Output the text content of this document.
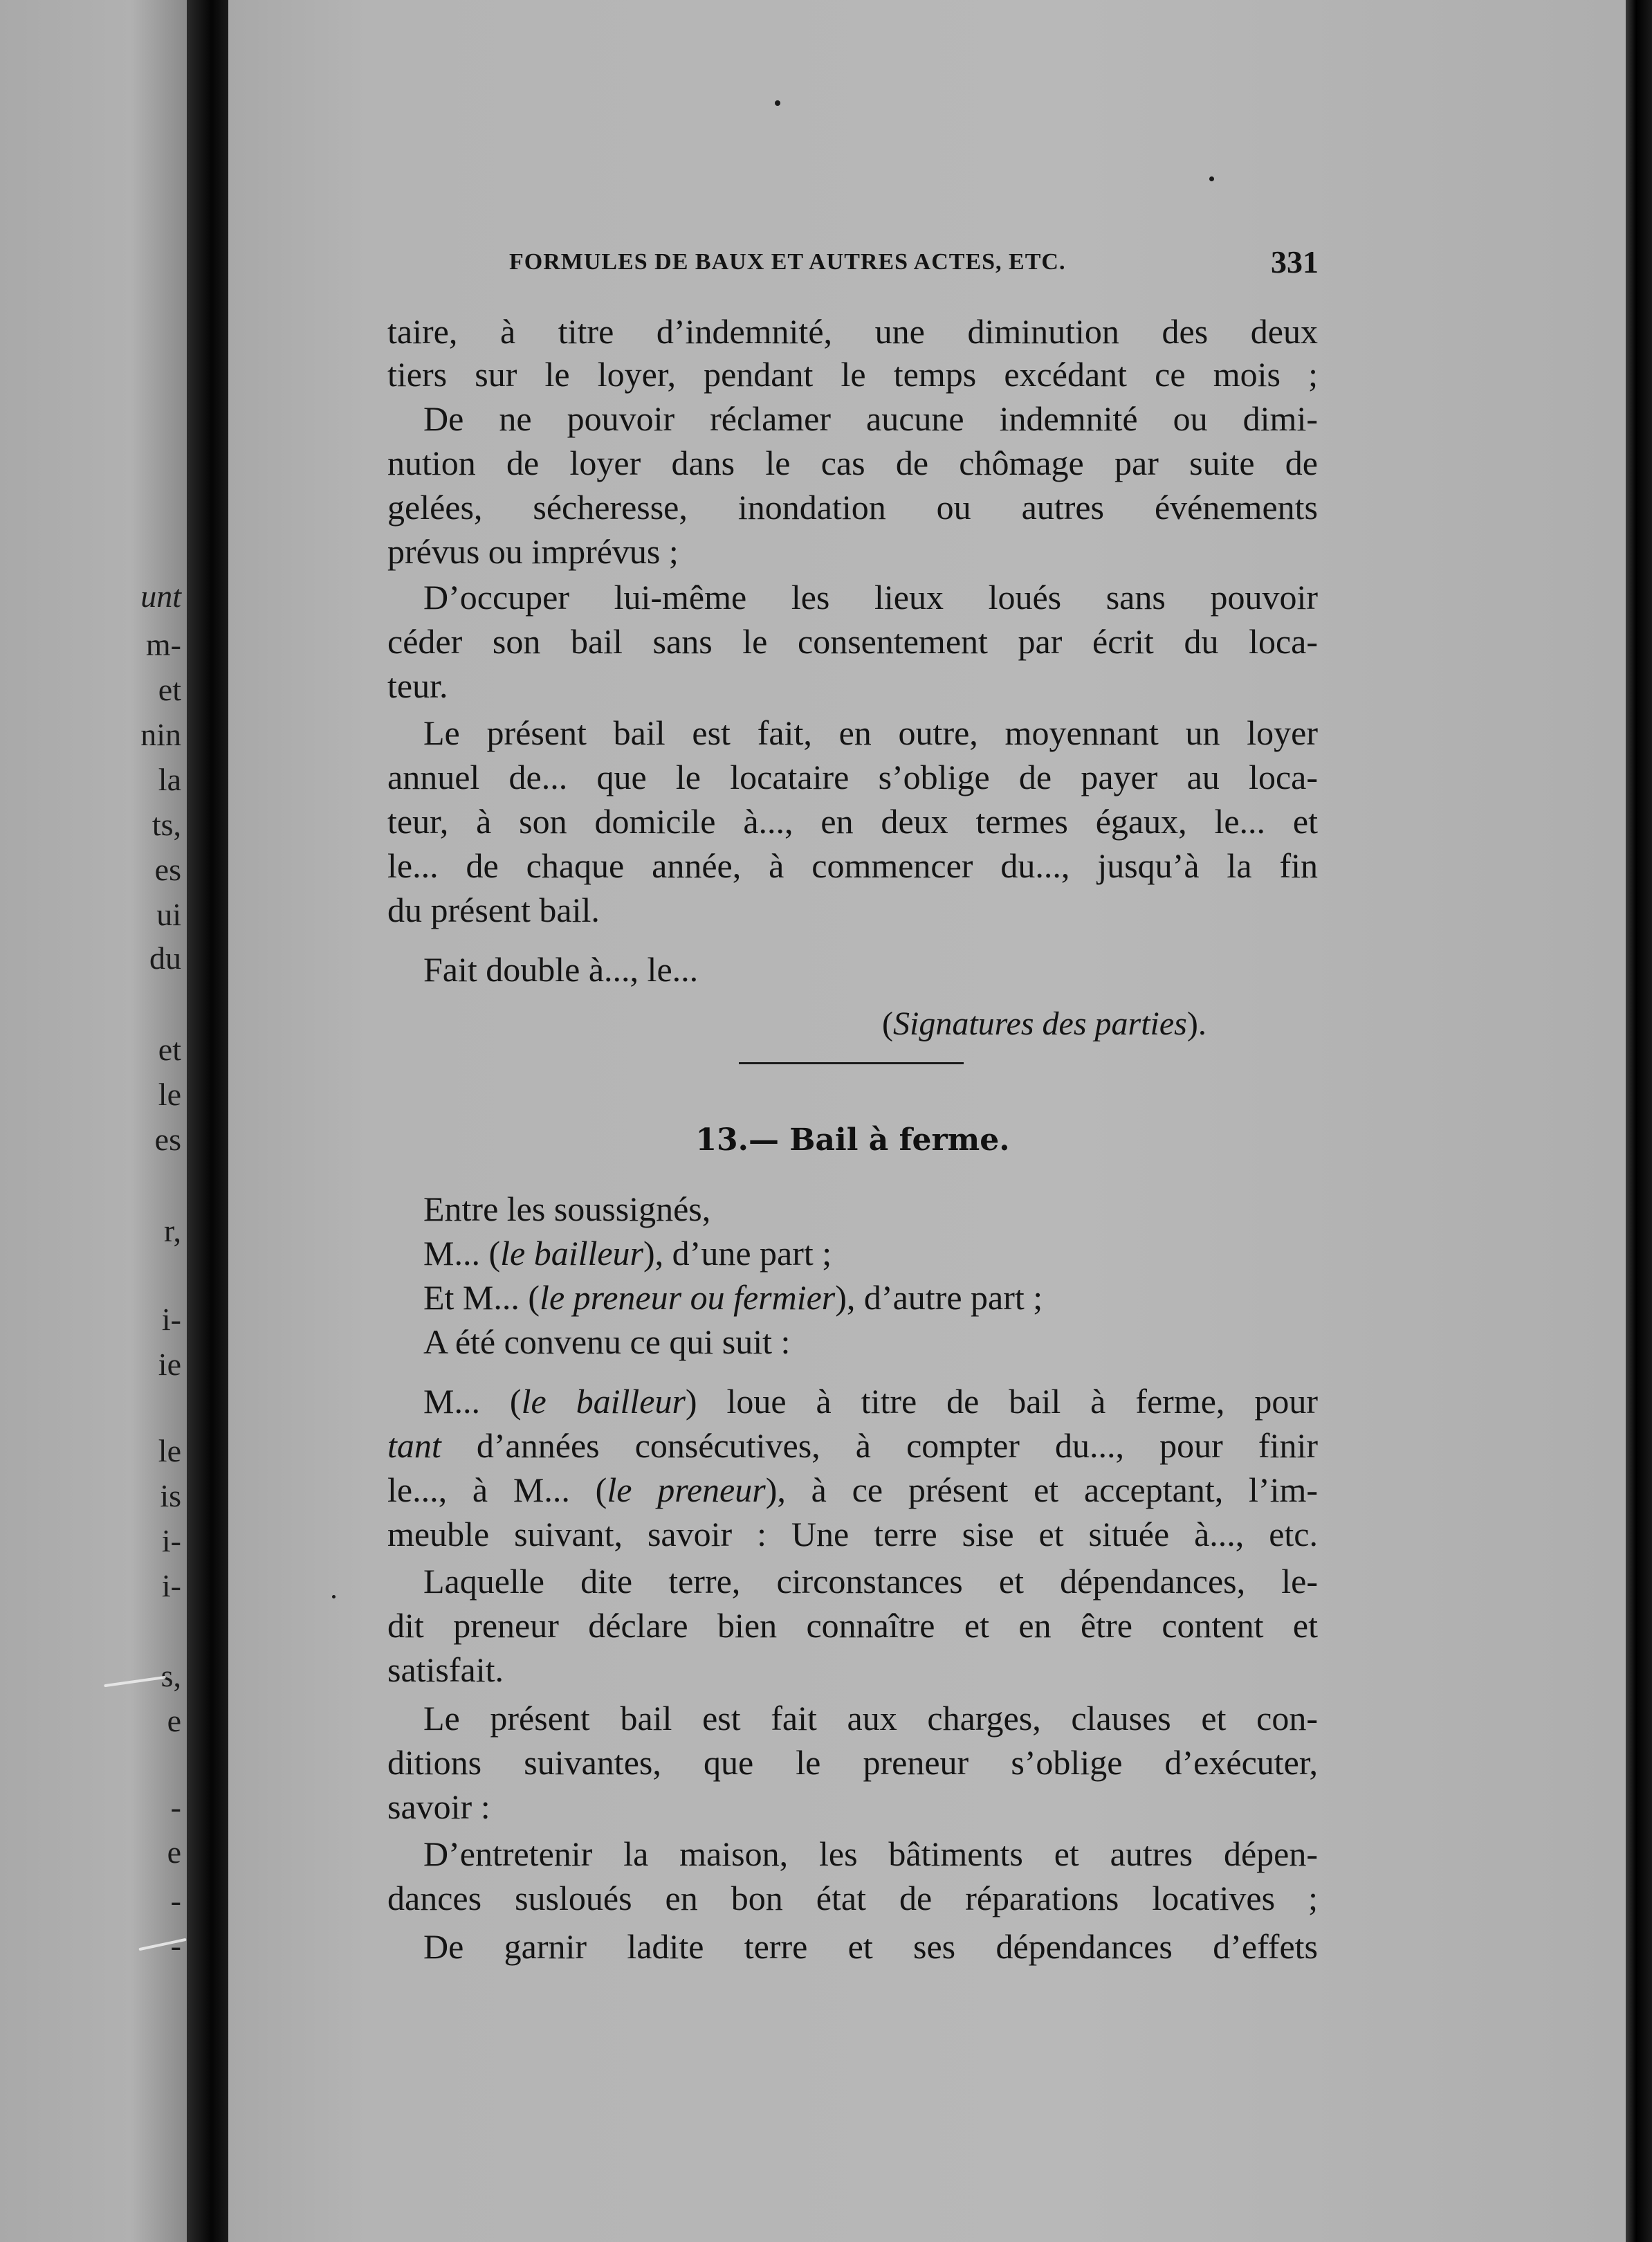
unt
m-
et
nin
la
ts,
es
ui
du
et
le
es
r,
i-
ie
le
is
i-
i-
s,
e
-
e
-
-
FORMULES DE BAUX ET AUTRES ACTES, ETC.	331
taire, à titre d’indemnité, une diminution des deux
tiers sur le loyer, pendant le temps excédant ce mois ;
De ne pouvoir réclamer aucune indemnité ou dimi-
nution de loyer dans le cas de chômage par suite de
gelées, sécheresse, inondation ou autres événements
prévus ou imprévus ;
D’occuper lui-même les lieux loués sans pouvoir
céder son bail sans le consentement par écrit du loca-
teur.
Le présent bail est fait, en outre, moyennant un loyer
annuel de... que le locataire s’oblige de payer au loca-
teur, à son domicile à..., en deux termes égaux, le... et
le... de chaque année, à commencer du..., jusqu’à la fin
du présent bail.
Fait double à..., le...
(Signatures des parties).
13.— Bail à ferme.
Entre les soussignés,
M... (le bailleur), d’une part ;
Et M... (le preneur ou fermier), d’autre part ;
A été convenu ce qui suit :
M... (le bailleur) loue à titre de bail à ferme, pour
tant d’années consécutives, à compter du..., pour finir
le..., à M... (le preneur), à ce présent et acceptant, l’im-
meuble suivant, savoir : Une terre sise et située à..., etc.
Laquelle dite terre, circonstances et dépendances, le-
dit preneur déclare bien connaître et en être content et
satisfait.
Le présent bail est fait aux charges, clauses et con-
ditions suivantes, que le preneur s’oblige d’exécuter,
savoir :
D’entretenir la maison, les bâtiments et autres dépen-
dances susloués en bon état de réparations locatives ;
De garnir ladite terre et ses dépendances d’effets
